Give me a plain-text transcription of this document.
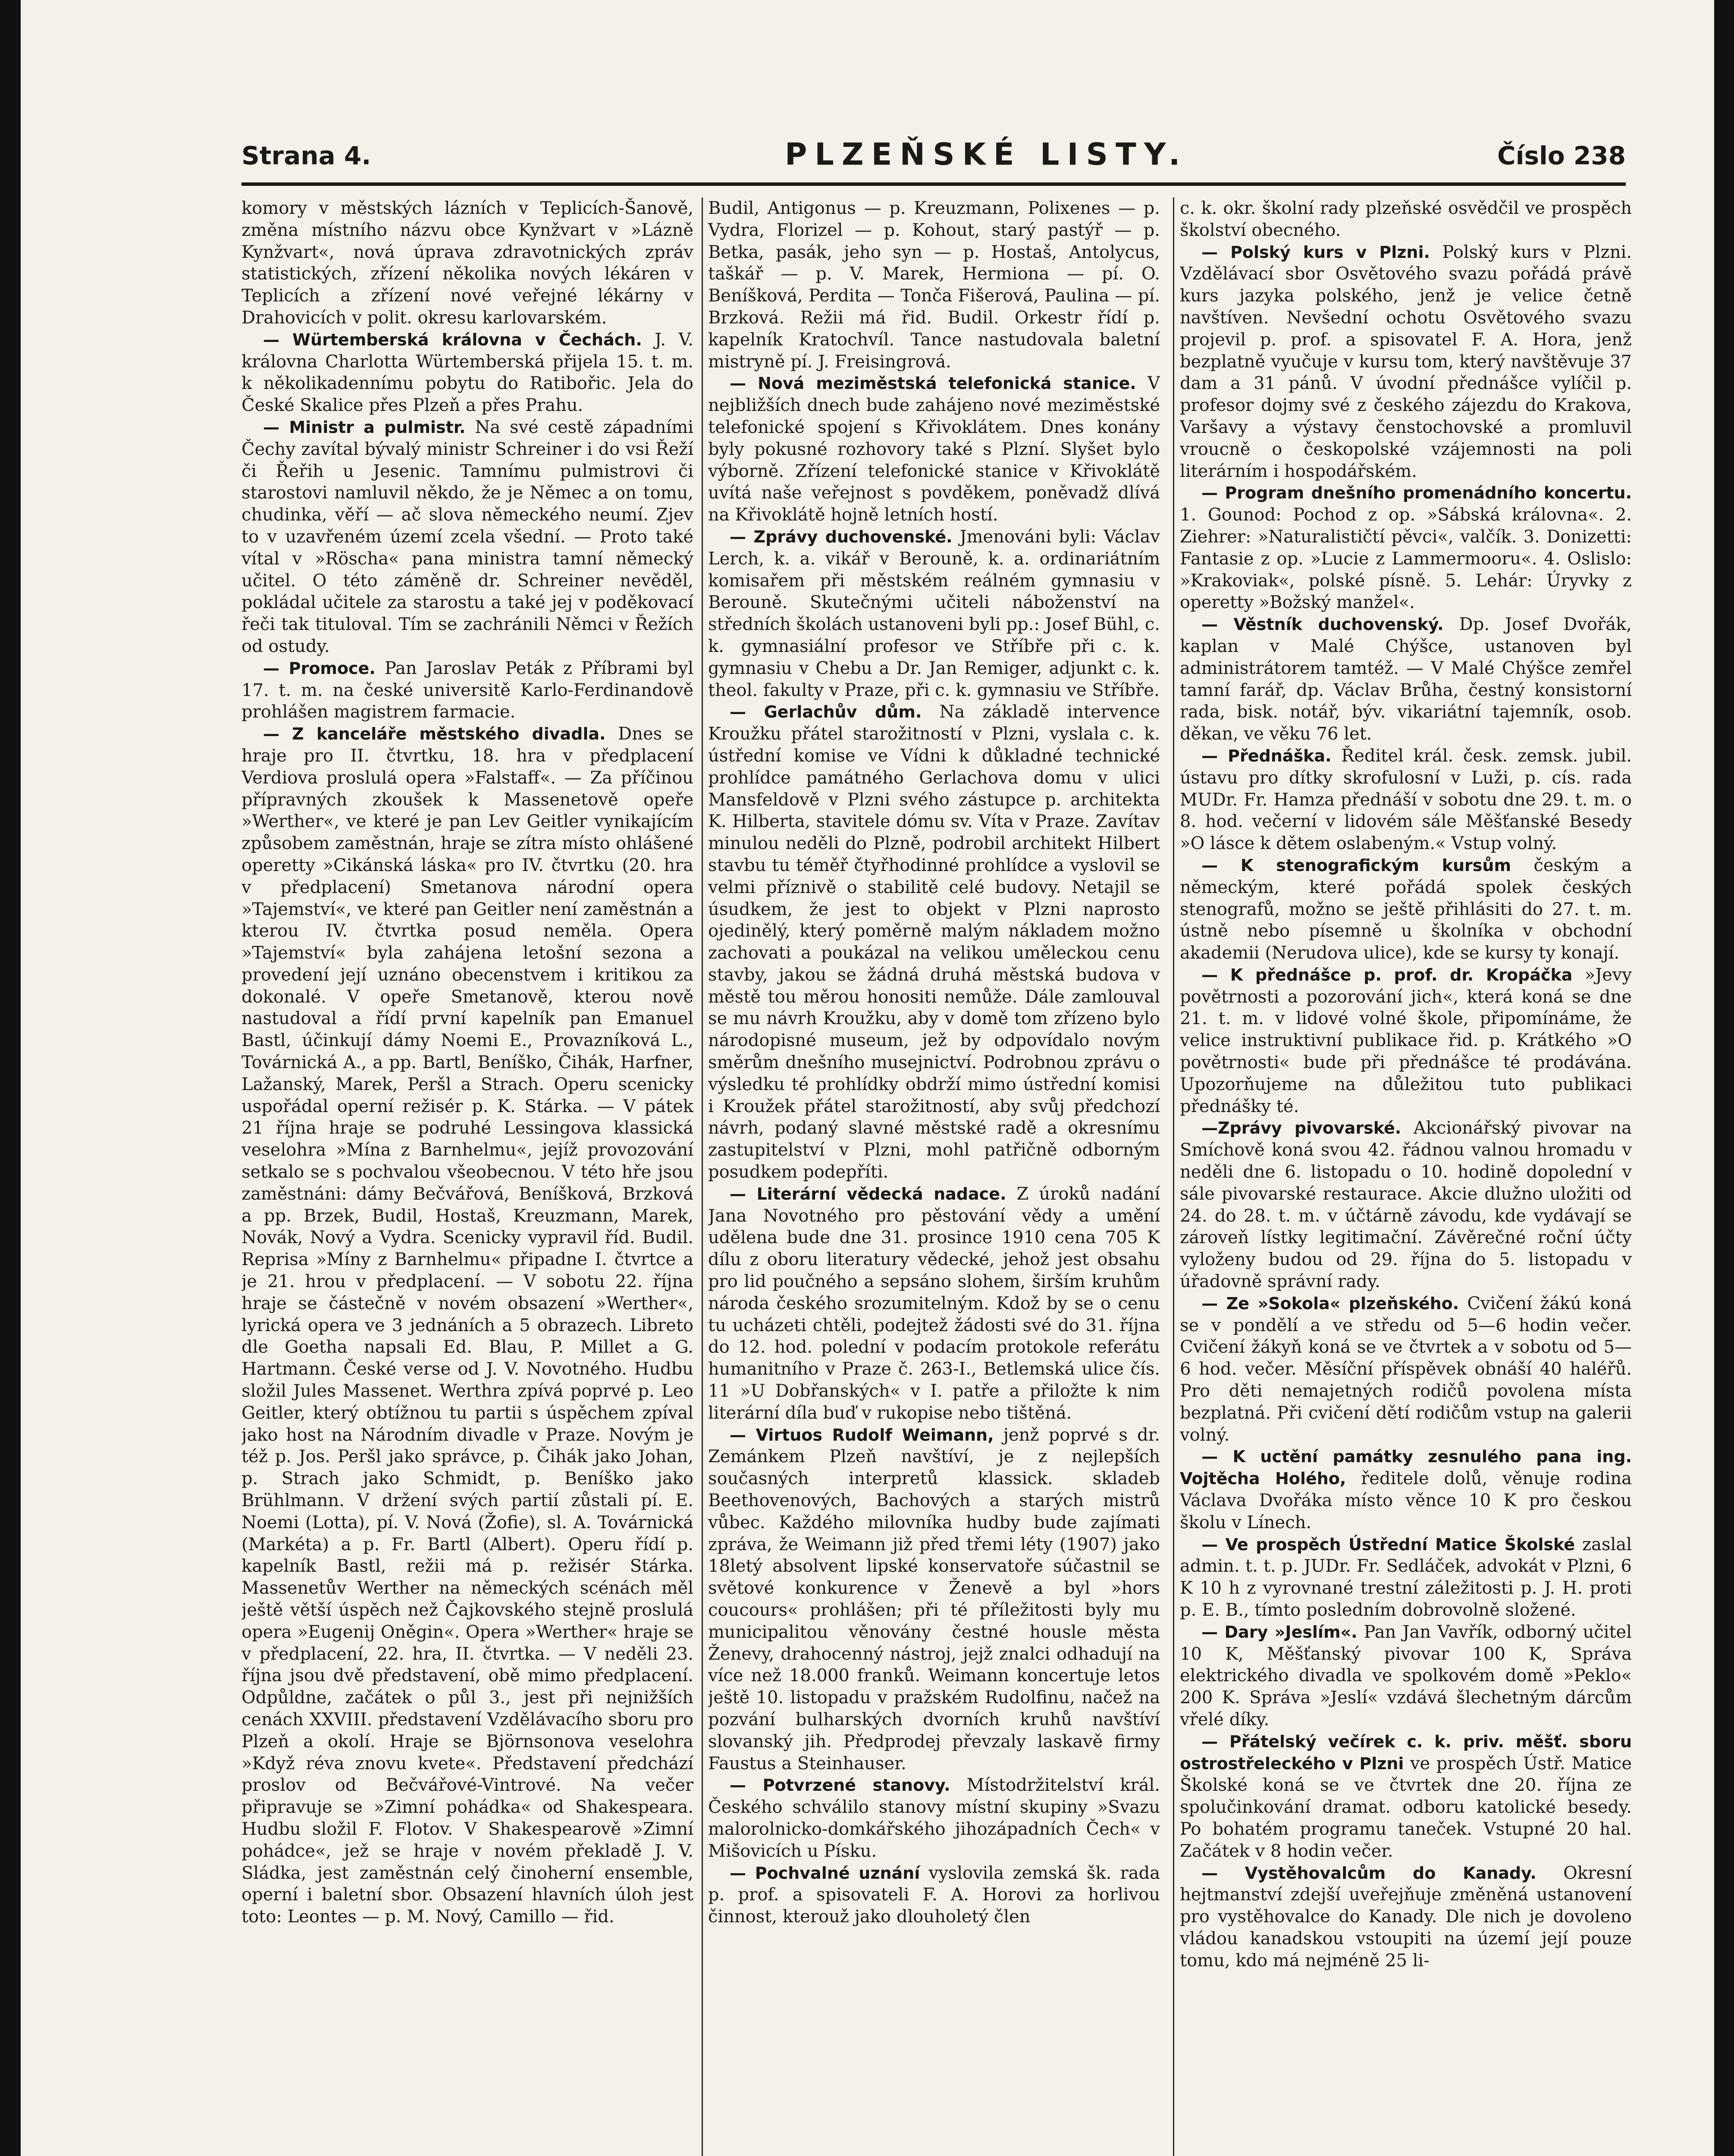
Strana 4.	PLZEŇSKÉ LISTY.	Číslo 238

komory v městských lázních v Teplicích-Šanově, změna místního názvu obce Kynžvart v »Lázně Kynžvart«, nová úprava zdravotnických zpráv statistických, zřízení několika nových lékáren v Teplicích a zřízení nové veřejné lékárny v Drahovicích v polit. okresu karlovarském.

— Würtemberská královna v Čechách. J. V. královna Charlotta Würtemberská přijela 15. t. m. k několikadennímu pobytu do Ratibořic. Jela do České Skalice přes Plzeň a přes Prahu.

— Ministr a pulmistr. Na své cestě západními Čechy zavítal bývalý ministr Schreiner i do vsi Řeží či Řeřih u Jesenic. Tamnímu pulmistrovi či starostovi namluvil někdo, že je Němec a on tomu, chudinka, věří — ač slova německého neumí. Zjev to v uzavřeném území zcela všední. — Proto také vítal v »Röscha« pana ministra tamní německý učitel. O této záměně dr. Schreiner nevěděl, pokládal učitele za starostu a také jej v poděkovací řeči tak tituloval. Tím se zachránili Němci v Řežích od ostudy.

— Promoce. Pan Jaroslav Peták z Příbrami byl 17. t. m. na české universitě Karlo-Ferdinandově prohlášen magistrem farmacie.

— Z kanceláře městského divadla. Dnes se hraje pro II. čtvrtku, 18. hra v předplacení Verdiova proslulá opera »Falstaff«. — Za příčinou přípravných zkoušek k Massenetově opeře »Werther«, ve které je pan Lev Geitler vynikajícím způsobem zaměstnán, hraje se zítra místo ohlášené operetty »Cikánská láska« pro IV. čtvrtku (20. hra v předplacení) Smetanova národní opera »Tajemství«, ve které pan Geitler není zaměstnán a kterou IV. čtvrtka posud neměla. Opera »Tajemství« byla zahájena letošní sezona a provedení její uznáno obecenstvem i kritikou za dokonalé. V opeře Smetanově, kterou nově nastudoval a řídí první kapelník pan Emanuel Bastl, účinkují dámy Noemi E., Provazníková L., Továrnická A., a pp. Bartl, Beníško, Čihák, Harfner, Lažanský, Marek, Peršl a Strach. Operu scenicky uspořádal operní režisér p. K. Stárka. — V pátek 21 října hraje se podruhé Lessingova klassická veselohra »Mína z Barnhelmu«, jejíž provozování setkalo se s pochvalou všeobecnou. V této hře jsou zaměstnáni: dámy Bečvářová, Beníšková, Brzková a pp. Brzek, Budil, Hostaš, Kreuzmann, Marek, Novák, Nový a Vydra. Scenicky vypravil říd. Budil. Reprisa »Míny z Barnhelmu« připadne I. čtvrtce a je 21. hrou v předplacení. — V sobotu 22. října hraje se částečně v novém obsazení »Werther«, lyrická opera ve 3 jednáních a 5 obrazech. Libreto dle Goetha napsali Ed. Blau, P. Millet a G. Hartmann. České verse od J. V. Novotného. Hudbu složil Jules Massenet. Werthra zpívá poprvé p. Leo Geitler, který obtížnou tu partii s úspěchem zpíval jako host na Národním divadle v Praze. Novým je též p. Jos. Peršl jako správce, p. Čihák jako Johan, p. Strach jako Schmidt, p. Beníško jako Brühlmann. V držení svých partií zůstali pí. E. Noemi (Lotta), pí. V. Nová (Žofie), sl. A. Továrnická (Markéta) a p. Fr. Bartl (Albert). Operu řídí p. kapelník Bastl, režii má p. režisér Stárka. Massenetův Werther na německých scénách měl ještě větší úspěch než Čajkovského stejně proslulá opera »Eugenij Oněgin«. Opera »Werther« hraje se v předplacení, 22. hra, II. čtvrtka. — V neděli 23. října jsou dvě představení, obě mimo předplacení. Odpůldne, začátek o půl 3., jest při nejnižších cenách XXVIII. představení Vzdělávacího sboru pro Plzeň a okolí. Hraje se Björnsonova veselohra »Když réva znovu kvete«. Představení předchází proslov od Bečvářové-Vintrové. Na večer připravuje se »Zimní pohádka« od Shakespeara. Hudbu složil F. Flotov. V Shakespearově »Zimní pohádce«, jež se hraje v novém překladě J. V. Sládka, jest zaměstnán celý činoherní ensemble, operní i baletní sbor. Obsazení hlavních úloh jest toto: Leontes — p. M. Nový, Camillo — řid.

Budil, Antigonus — p. Kreuzmann, Polixenes — p. Vydra, Florizel — p. Kohout, starý pastýř — p. Betka, pasák, jeho syn — p. Hostaš, Antolycus, taškář — p. V. Marek, Hermiona — pí. O. Beníšková, Perdita — Tonča Fišerová, Paulina — pí. Brzková. Režii má řid. Budil. Orkestr řídí p. kapelník Kratochvíl. Tance nastudovala baletní mistryně pí. J. Freisingrová.

— Nová meziměstská telefonická stanice. V nejbližších dnech bude zahájeno nové meziměstské telefonické spojení s Křivoklátem. Dnes konány byly pokusné rozhovory také s Plzní. Slyšet bylo výborně. Zřízení telefonické stanice v Křivoklátě uvítá naše veřejnost s povděkem, poněvadž dlívá na Křivoklátě hojně letních hostí.

— Zprávy duchovenské. Jmenováni byli: Václav Lerch, k. a. vikář v Berouně, k. a. ordinariátním komisařem při městském reálném gymnasiu v Berouně. Skutečnými učiteli náboženství na středních školách ustanoveni byli pp.: Josef Bühl, c. k. gymnasiální profesor ve Stříbře při c. k. gymnasiu v Chebu a Dr. Jan Remiger, adjunkt c. k. theol. fakulty v Praze, při c. k. gymnasiu ve Stříbře.

— Gerlachův dům. Na základě intervence Kroužku přátel starožitností v Plzni, vyslala c. k. ústřední komise ve Vídni k důkladné technické prohlídce památného Gerlachova domu v ulici Mansfeldově v Plzni svého zástupce p. architekta K. Hilberta, stavitele dómu sv. Víta v Praze. Zavítav minulou neděli do Plzně, podrobil architekt Hilbert stavbu tu téměř čtyřhodinné prohlídce a vyslovil se velmi příznivě o stabilitě celé budovy. Netajil se úsudkem, že jest to objekt v Plzni naprosto ojedinělý, který poměrně malým nákladem možno zachovati a poukázal na velikou uměleckou cenu stavby, jakou se žádná druhá městská budova v městě tou měrou honositi nemůže. Dále zamlouval se mu návrh Kroužku, aby v domě tom zřízeno bylo národopisné museum, jež by odpovídalo novým směrům dnešního musejnictví. Podrobnou zprávu o výsledku té prohlídky obdrží mimo ústřední komisi i Kroužek přátel starožitností, aby svůj předchozí návrh, podaný slavné městské radě a okresnímu zastupitelství v Plzni, mohl patřičně odborným posudkem podepříti.

— Literární vědecká nadace. Z úroků nadání Jana Novotného pro pěstování vědy a umění udělena bude dne 31. prosince 1910 cena 705 K dílu z oboru literatury vědecké, jehož jest obsahu pro lid poučného a sepsáno slohem, širším kruhům národa českého srozumitelným. Kdož by se o cenu tu ucházeti chtěli, podejtež žádosti své do 31. října do 12. hod. polední v podacím protokole referátu humanitního v Praze č. 263-I., Betlemská ulice čís. 11 »U Dobřanských« v I. patře a přiložte k nim literární díla buď v rukopise nebo tištěná.

— Virtuos Rudolf Weimann, jenž poprvé s dr. Zemánkem Plzeň navštíví, je z nejlepších současných interpretů klassick. skladeb Beethovenových, Bachových a starých mistrů vůbec. Každého milovníka hudby bude zajímati zpráva, že Weimann již před třemi léty (1907) jako 18letý absolvent lipské konservatoře súčastnil se světové konkurence v Ženevě a byl »hors coucours« prohlášen; při té příležitosti byly mu municipalitou věnovány čestné housle města Ženevy, drahocenný nástroj, jejž znalci odhadují na více než 18.000 franků. Weimann koncertuje letos ještě 10. listopadu v pražském Rudolfinu, načež na pozvání bulharských dvorních kruhů navštíví slovanský jih. Předprodej převzaly laskavě firmy Faustus a Steinhauser.

— Potvrzené stanovy. Místodržitelství král. Českého schválilo stanovy místní skupiny »Svazu malorolnicko-domkářského jihozápadních Čech« v Mišovicích u Písku.

— Pochvalné uznání vyslovila zemská šk. rada p. prof. a spisovateli F. A. Horovi za horlivou činnost, kterouž jako dlouholetý člen

c. k. okr. školní rady plzeňské osvědčil ve prospěch školství obecného.

— Polský kurs v Plzni. Polský kurs v Plzni. Vzdělávací sbor Osvětového svazu pořádá právě kurs jazyka polského, jenž je velice četně navštíven. Nevšední ochotu Osvětového svazu projevil p. prof. a spisovatel F. A. Hora, jenž bezplatně vyučuje v kursu tom, který navštěvuje 37 dam a 31 pánů. V úvodní přednášce vylíčil p. profesor dojmy své z českého zájezdu do Krakova, Varšavy a výstavy čenstochovské a promluvil vroucně o českopolské vzájemnosti na poli literárním i hospodářském.

— Program dnešního promenádního koncertu. 1. Gounod: Pochod z op. »Sábská královna«. 2. Ziehrer: »Naturalističtí pěvci«, valčík. 3. Donizetti: Fantasie z op. »Lucie z Lammermooru«. 4. Oslislo: »Krakoviak«, polské písně. 5. Lehár: Úryvky z operetty »Božský manžel«.

— Věstník duchovenský. Dp. Josef Dvořák, kaplan v Malé Chýšce, ustanoven byl administrátorem tamtéž. — V Malé Chýšce zemřel tamní farář, dp. Václav Brůha, čestný konsistorní rada, bisk. notář, býv. vikariátní tajemník, osob. děkan, ve věku 76 let.

— Přednáška. Ředitel král. česk. zemsk. jubil. ústavu pro dítky skrofulosní v Luži, p. cís. rada MUDr. Fr. Hamza přednáší v sobotu dne 29. t. m. o 8. hod. večerní v lidovém sále Měšťanské Besedy »O lásce k dětem oslabeným.« Vstup volný.

— K stenografickým kursům českým a německým, které pořádá spolek českých stenografů, možno se ještě přihlásiti do 27. t. m. ústně nebo písemně u školníka v obchodní akademii (Nerudova ulice), kde se kursy ty konají.

— K přednášce p. prof. dr. Kropáčka »Jevy povětrnosti a pozorování jich«, která koná se dne 21. t. m. v lidové volné škole, připomínáme, že velice instruktivní publikace řid. p. Krátkého »O povětrnosti« bude při přednášce té prodávána. Upozorňujeme na důležitou tuto publikaci přednášky té.

—Zprávy pivovarské. Akcionářský pivovar na Smíchově koná svou 42. řádnou valnou hromadu v neděli dne 6. listopadu o 10. hodině dopolední v sále pivovarské restaurace. Akcie dlužno uložiti od 24. do 28. t. m. v účtárně závodu, kde vydávají se zároveň lístky legitimační. Závěrečné roční účty vyloženy budou od 29. října do 5. listopadu v úřadovně správní rady.

— Ze »Sokola« plzeňského. Cvičení žákú koná se v pondělí a ve středu od 5—6 hodin večer. Cvičení žákyň koná se ve čtvrtek a v sobotu od 5—6 hod. večer. Měsíční příspěvek obnáší 40 haléřů. Pro děti nemajetných rodičů povolena místa bezplatná. Při cvičení dětí rodičům vstup na galerii volný.

— K uctění památky zesnulého pana ing. Vojtěcha Holého, ředitele dolů, věnuje rodina Václava Dvořáka místo věnce 10 K pro českou školu v Línech.

— Ve prospěch Ústřední Matice Školské zaslal admin. t. t. p. JUDr. Fr. Sedláček, advokát v Plzni, 6 K 10 h z vyrovnané trestní záležitosti p. J. H. proti p. E. B., tímto posledním dobrovolně složené.

— Dary »Jeslím«. Pan Jan Vavřík, odborný učitel 10 K, Měšťanský pivovar 100 K, Správa elektrického divadla ve spolkovém domě »Peklo« 200 K. Správa »Jeslí« vzdává šlechetným dárcům vřelé díky.

— Přátelský večírek c. k. priv. měšť. sboru ostrostřeleckého v Plzni ve prospěch Ústř. Matice Školské koná se ve čtvrtek dne 20. října ze spolučinkování dramat. odboru katolické besedy. Po bohatém programu taneček. Vstupné 20 hal. Začátek v 8 hodin večer.

— Vystěhovalcům do Kanady. Okresní hejtmanství zdejší uveřejňuje změněná ustanovení pro vystěhovalce do Kanady. Dle nich je dovoleno vládou kanadskou vstoupiti na území její pouze tomu, kdo má nejméně 25 li-
